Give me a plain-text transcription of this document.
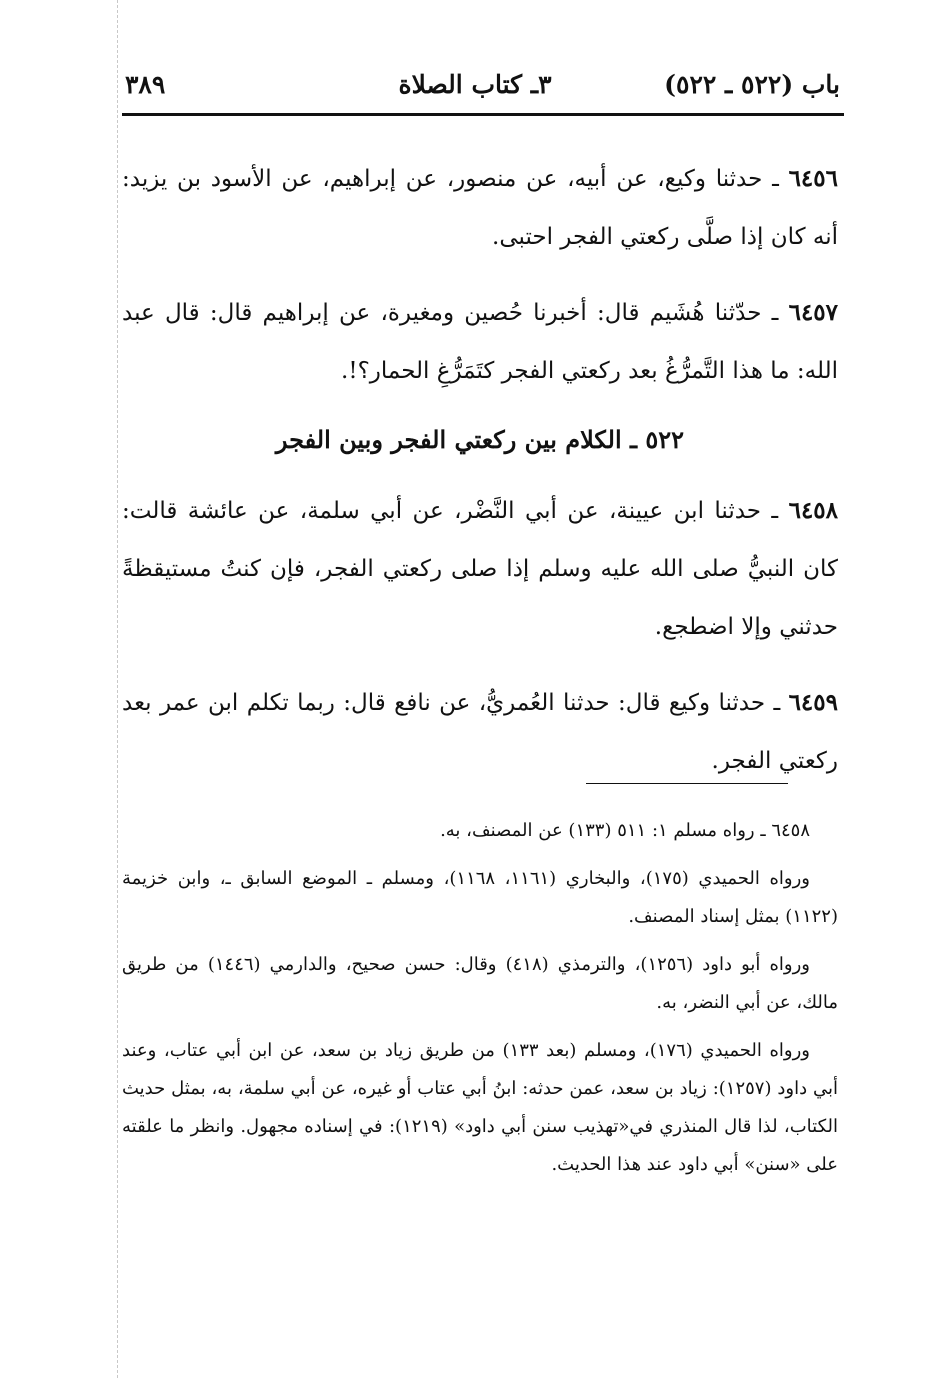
باب (٥٢٢ ـ ٥٢٢)
٣ـ كتاب الصلاة
٣٨٩

٦٤٥٦ ـ حدثنا وكيع، عن أبيه، عن منصور، عن إبراهيم، عن الأسود بن يزيد: أنه كان إذا صلَّى ركعتي الفجر احتبى.

٦٤٥٧ ـ حدّثنا هُشَيم قال: أخبرنا حُصين ومغيرة، عن إبراهيم قال: قال عبد الله: ما هذا التَّمرُّغُ بعد ركعتي الفجر كتَمَرُّغِ الحمار؟!.

٥٢٢ ـ الكلام بين ركعتي الفجر وبين الفجر

٦٤٥٨ ـ حدثنا ابن عيينة، عن أبي النَّضْر، عن أبي سلمة، عن عائشة قالت: كان النبيُّ صلى الله عليه وسلم إذا صلى ركعتي الفجر، فإن كنتُ مستيقظةً حدثني وإلا اضطجع.

٦٤٥٩ ـ حدثنا وكيع قال: حدثنا العُمريُّ، عن نافع قال: ربما تكلم ابن عمر بعد ركعتي الفجر.

٦٤٥٨ ـ رواه مسلم ١: ٥١١ (١٣٣) عن المصنف، به.

ورواه الحميدي (١٧٥)، والبخاري (١١٦١، ١١٦٨)، ومسلم ـ الموضع السابق ـ، وابن خزيمة (١١٢٢) بمثل إسناد المصنف.

ورواه أبو داود (١٢٥٦)، والترمذي (٤١٨) وقال: حسن صحيح، والدارمي (١٤٤٦) من طريق مالك، عن أبي النضر، به.

ورواه الحميدي (١٧٦)، ومسلم (بعد ١٣٣) من طريق زياد بن سعد، عن ابن أبي عتاب، وعند أبي داود (١٢٥٧): زياد بن سعد، عمن حدثه: ابنُ أبي عتاب أو غيره، عن أبي سلمة، به، بمثل حديث الكتاب، لذا قال المنذري في«تهذيب سنن أبي داود» (١٢١٩): في إسناده مجهول. وانظر ما علقته على «سنن» أبي داود عند هذا الحديث.
